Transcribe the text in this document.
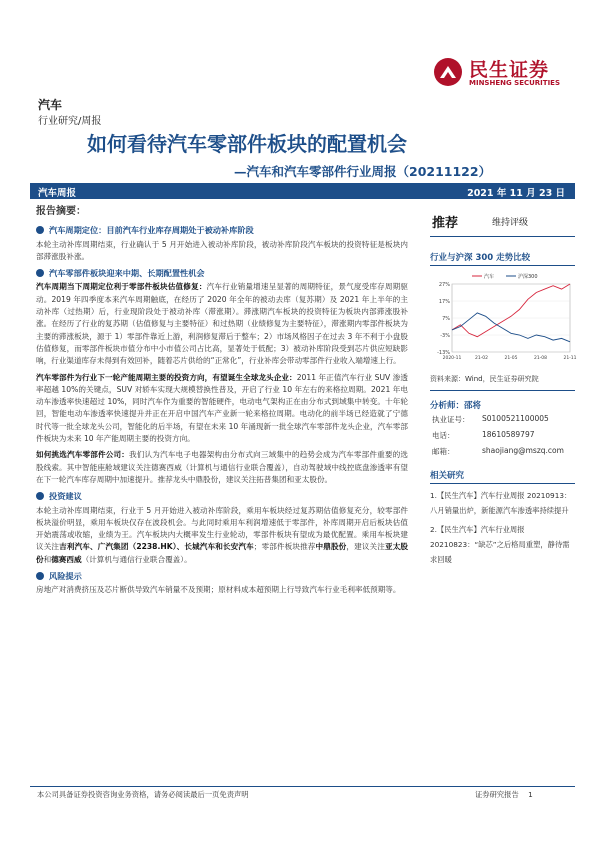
民生证券
MINSHENG SECURITIES
汽车
行业研究/周报
如何看待汽车零部件板块的配置机会
—汽车和汽车零部件行业周报（20211122）
汽车周报	2021 年 11 月 23 日
报告摘要：
汽车周期定位：目前汽车行业库存周期处于被动补库阶段

本轮主动补库周期结束，行业确认于 5 月开始进入被动补库阶段，被动补库阶段汽车板块的投资特征是板块内部滞涨股补涨。

汽车零部件板块迎来中期、长期配置性机会

汽车周期当下周期定位利于零部件板块估值修复：汽车行业销量增速呈显著的周期特征，景气度受库存周期驱动。2019 年四季度本来汽车周期触底，在经历了 2020 年全年的被动去库（复苏期）及 2021 年上半年的主动补库（过热期）后，行业现阶段处于被动补库（滞涨期）。滞涨期汽车板块的投资特征为板块内部滞涨股补涨。在经历了行业的复苏期（估值修复与主要特征）和过热期（业绩修复为主要特征），滞涨期内零部件板块为主要的滞涨板块，源于 1）零部件靠近上游，利润修复滞后于整车；2）市场风格因子在过去 3 年不利于小盘股估值修复，而零部件板块市值分布中小市值公司占比高，显著处于低配；3）被动补库阶段受到芯片供应短缺影响，行业渠道库存未得到有效回补，随着芯片供给的“正常化”，行业补库会带动零部件行业收入端增速上行。

汽车零部件为行业下一轮产能周期主要的投资方向，有望诞生全球龙头企业：2011 年正值汽车行业 SUV 渗透率超越 10%的关键点，SUV 对轿车实现大规模替换性普及，开启了行业 10 年左右的来格拉周期。2021 年电动车渗透率快速超过 10%，同时汽车作为重要的智能硬件，电动电气架构正在由分布式到域集中转变。十年轮回，智能电动车渗透率快速提升并正在开启中国汽车产业新一轮来格拉周期。电动化的前半场已经造就了宁德时代等一批全球龙头公司，智能化的后半场，有望在未来 10 年涌现新一批全球汽车零部件龙头企业，汽车零部件板块为未来 10 年产能周期主要的投资方向。

如何挑选汽车零部件公司：我们认为汽车电子电器架构由分布式向三域集中的趋势会成为汽车零部件重要的选股线索。其中智能座舱域建议关注德赛西威（计算机与通信行业联合覆盖），自动驾驶域中线控底盘渗透率有望在下一轮汽车库存周期中加速提升。推荐龙头中鼎股份，建议关注拓普集团和亚太股份。

投资建议

本轮主动补库周期结束，行业于 5 月开始进入被动补库阶段，乘用车板块经过复苏期估值修复充分，较零部件板块溢价明显，乘用车板块仅存在波段机会。与此同时乘用车利润增速低于零部件，补库周期开启后板块估值开始震荡或收缩，业绩为王。汽车板块内大概率发生行业轮动，零部件板块有望成为最优配置。乘用车板块建议关注吉利汽车、广汽集团（2238.HK）、长城汽车和长安汽车；零部件板块推荐中鼎股份，建议关注亚太股份和德赛西威（计算机与通信行业联合覆盖）。

风险提示

房地产对消费挤压及芯片断供导致汽车销量不及预期；原材料成本超预期上行导致汽车行业毛利率低预期等。

推荐	维持评级
行业与沪深 300 走势比较
27%
17%
7%
-3%
-13%
2020-11	21-02	21-05	21-08	21-11
汽车	沪深300
资料来源：Wind，民生证券研究院
分析师：邵将
执业证号： S0100521100005
电话：	18610589797
邮箱：	shaojiang@mszq.com
相关研究
1.【民生汽车】汽车行业周报 20210913：八月销量出炉，新能源汽车渗透率持续提升
2.【民生汽车】汽车行业周报 20210823：“缺芯”之后格局重塑，静待需求回暖
本公司具备证券投资咨询业务资格，请务必阅读最后一页免责声明	证券研究报告 1
